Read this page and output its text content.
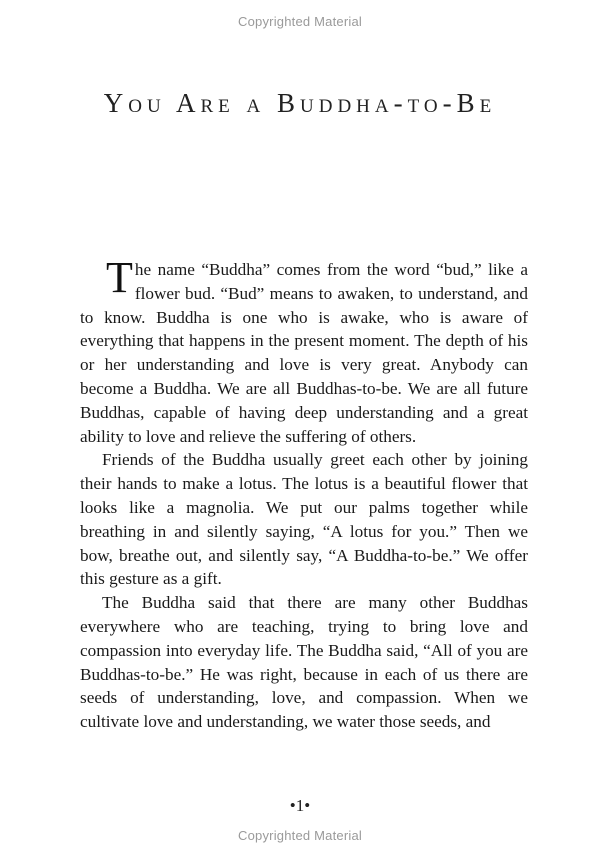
Copyrighted Material
You Are a Buddha-to-Be

The name “Buddha” comes from the word “bud,” like a flower bud. “Bud” means to awaken, to understand, and to know. Buddha is one who is awake, who is aware of everything that happens in the present moment. The depth of his or her understanding and love is very great. Anybody can become a Buddha. We are all Buddhas-to-be. We are all future Buddhas, capable of having deep understanding and a great ability to love and relieve the suffering of others.

Friends of the Buddha usually greet each other by joining their hands to make a lotus. The lotus is a beautiful flower that looks like a magnolia. We put our palms together while breathing in and silently saying, “A lotus for you.” Then we bow, breathe out, and silently say, “A Buddha-to-be.” We offer this gesture as a gift.

The Buddha said that there are many other Buddhas everywhere who are teaching, trying to bring love and compassion into everyday life. The Buddha said, “All of you are Buddhas-to-be.” He was right, because in each of us there are seeds of understanding, love, and compassion. When we cultivate love and understanding, we water those seeds, and

•1•
Copyrighted Material
